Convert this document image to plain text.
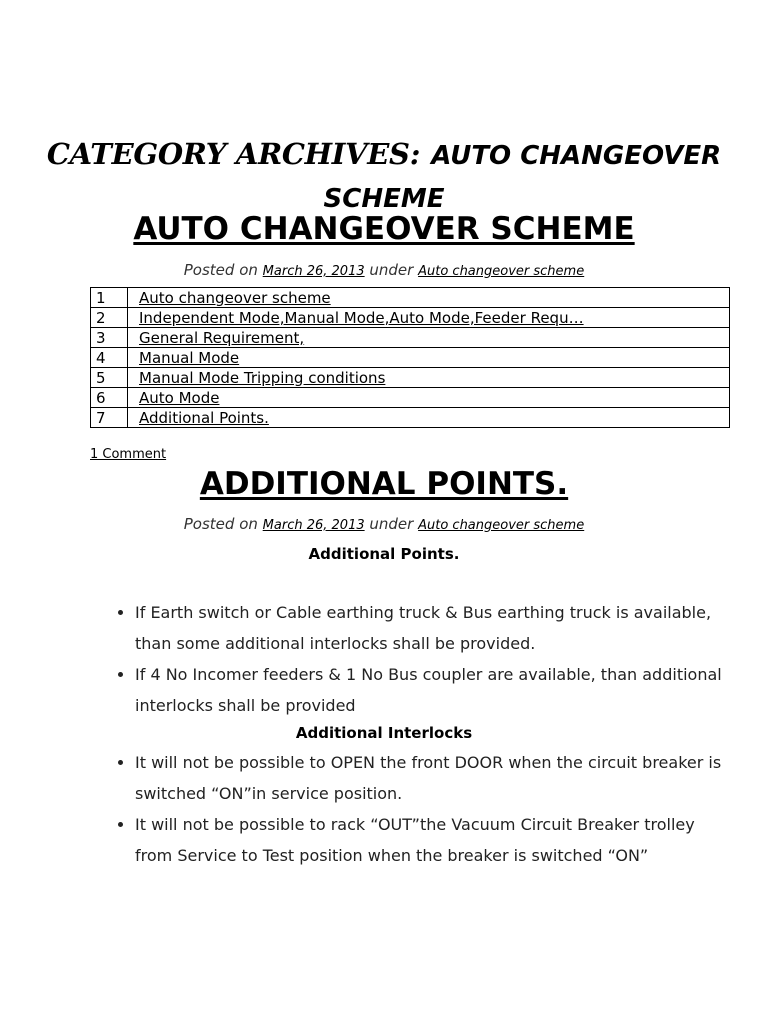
CATEGORY ARCHIVES: AUTO CHANGEOVER SCHEME
AUTO CHANGEOVER SCHEME
Posted on March 26, 2013 under Auto changeover scheme
1	Auto changeover scheme
2	Independent Mode,Manual Mode,Auto Mode,Feeder Requ…
3	General Requirement,
4	Manual Mode
5	Manual Mode Tripping conditions
6	Auto Mode
7	Additional Points.
1 Comment
ADDITIONAL POINTS.
Posted on March 26, 2013 under Auto changeover scheme
Additional Points.
• If Earth switch or Cable earthing truck & Bus earthing truck is available, than some additional interlocks shall be provided.
• If 4 No Incomer feeders & 1 No Bus coupler are available, than additional interlocks shall be provided
Additional Interlocks
• It will not be possible to OPEN the front DOOR when the circuit breaker is switched “ON”in service position.
• It will not be possible to rack “OUT”the Vacuum Circuit Breaker trolley from Service to Test position when the breaker is switched “ON”
